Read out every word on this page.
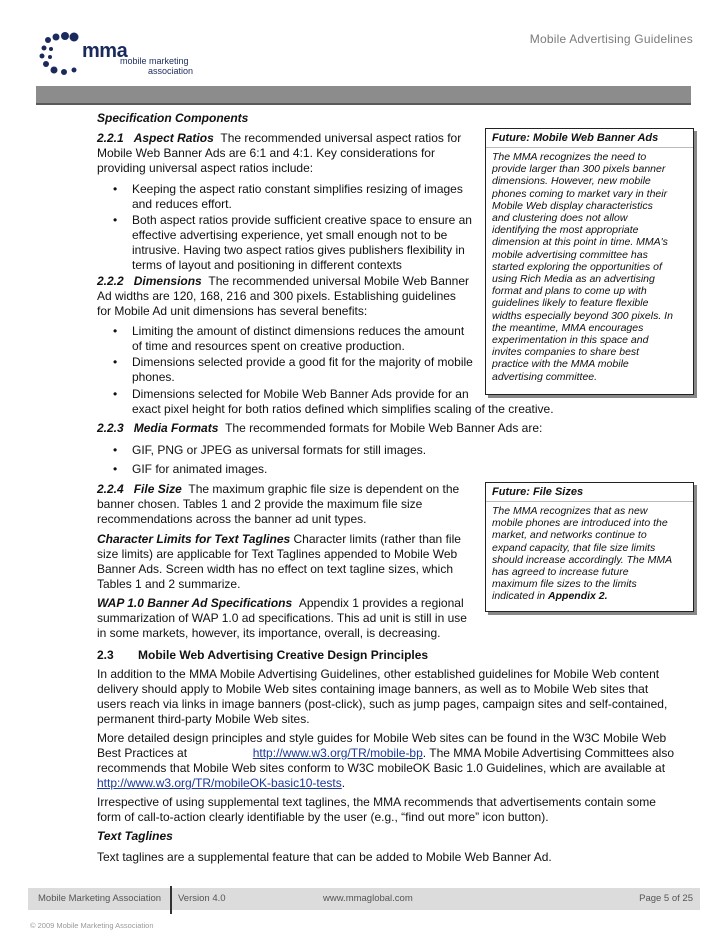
Mobile Advertising Guidelines
mma
mobile marketing
association
Specification Components
2.2.1 Aspect Ratios The recommended universal aspect ratios for
Mobile Web Banner Ads are 6:1 and 4:1. Key considerations for
providing universal aspect ratios include:
• Keeping the aspect ratio constant simplifies resizing of images
and reduces effort.
• Both aspect ratios provide sufficient creative space to ensure an
effective advertising experience, yet small enough not to be
intrusive. Having two aspect ratios gives publishers flexibility in
terms of layout and positioning in different contexts
2.2.2 Dimensions The recommended universal Mobile Web Banner
Ad widths are 120, 168, 216 and 300 pixels. Establishing guidelines
for Mobile Ad unit dimensions has several benefits:
• Limiting the amount of distinct dimensions reduces the amount
of time and resources spent on creative production.
• Dimensions selected provide a good fit for the majority of mobile
phones.
• Dimensions selected for Mobile Web Banner Ads provide for an
exact pixel height for both ratios defined which simplifies scaling of the creative.
2.2.3 Media Formats The recommended formats for Mobile Web Banner Ads are:
• GIF, PNG or JPEG as universal formats for still images.
• GIF for animated images.
2.2.4 File Size The maximum graphic file size is dependent on the
banner chosen. Tables 1 and 2 provide the maximum file size
recommendations across the banner ad unit types.
Character Limits for Text Taglines Character limits (rather than file
size limits) are applicable for Text Taglines appended to Mobile Web
Banner Ads. Screen width has no effect on text tagline sizes, which
Tables 1 and 2 summarize.
WAP 1.0 Banner Ad Specifications Appendix 1 provides a regional
summarization of WAP 1.0 ad specifications. This ad unit is still in use
in some markets, however, its importance, overall, is decreasing.
Future: Mobile Web Banner Ads
The MMA recognizes the need to
provide larger than 300 pixels banner
dimensions. However, new mobile
phones coming to market vary in their
Mobile Web display characteristics
and clustering does not allow
identifying the most appropriate
dimension at this point in time. MMA's
mobile advertising committee has
started exploring the opportunities of
using Rich Media as an advertising
format and plans to come up with
guidelines likely to feature flexible
widths especially beyond 300 pixels. In
the meantime, MMA encourages
experimentation in this space and
invites companies to share best
practice with the MMA mobile
advertising committee.
Future: File Sizes
The MMA recognizes that as new
mobile phones are introduced into the
market, and networks continue to
expand capacity, that file size limits
should increase accordingly. The MMA
has agreed to increase future
maximum file sizes to the limits
indicated in Appendix 2.
2.3 Mobile Web Advertising Creative Design Principles
In addition to the MMA Mobile Advertising Guidelines, other established guidelines for Mobile Web content
delivery should apply to Mobile Web sites containing image banners, as well as to Mobile Web sites that
users reach via links in image banners (post-click), such as jump pages, campaign sites and self-contained,
permanent third-party Mobile Web sites.
More detailed design principles and style guides for Mobile Web sites can be found in the W3C Mobile Web
Best Practices at	http://www.w3.org/TR/mobile-bp. The MMA Mobile Advertising Committees also
recommends that Mobile Web sites conform to W3C mobileOK Basic 1.0 Guidelines, which are available at
http://www.w3.org/TR/mobileOK-basic10-tests.
Irrespective of using supplemental text taglines, the MMA recommends that advertisements contain some
form of call-to-action clearly identifiable by the user (e.g., “find out more” icon button).
Text Taglines
Text taglines are a supplemental feature that can be added to Mobile Web Banner Ad.
Mobile Marketing Association Version 4.0	www.mmaglobal.com	Page 5 of 25
© 2009 Mobile Marketing Association
